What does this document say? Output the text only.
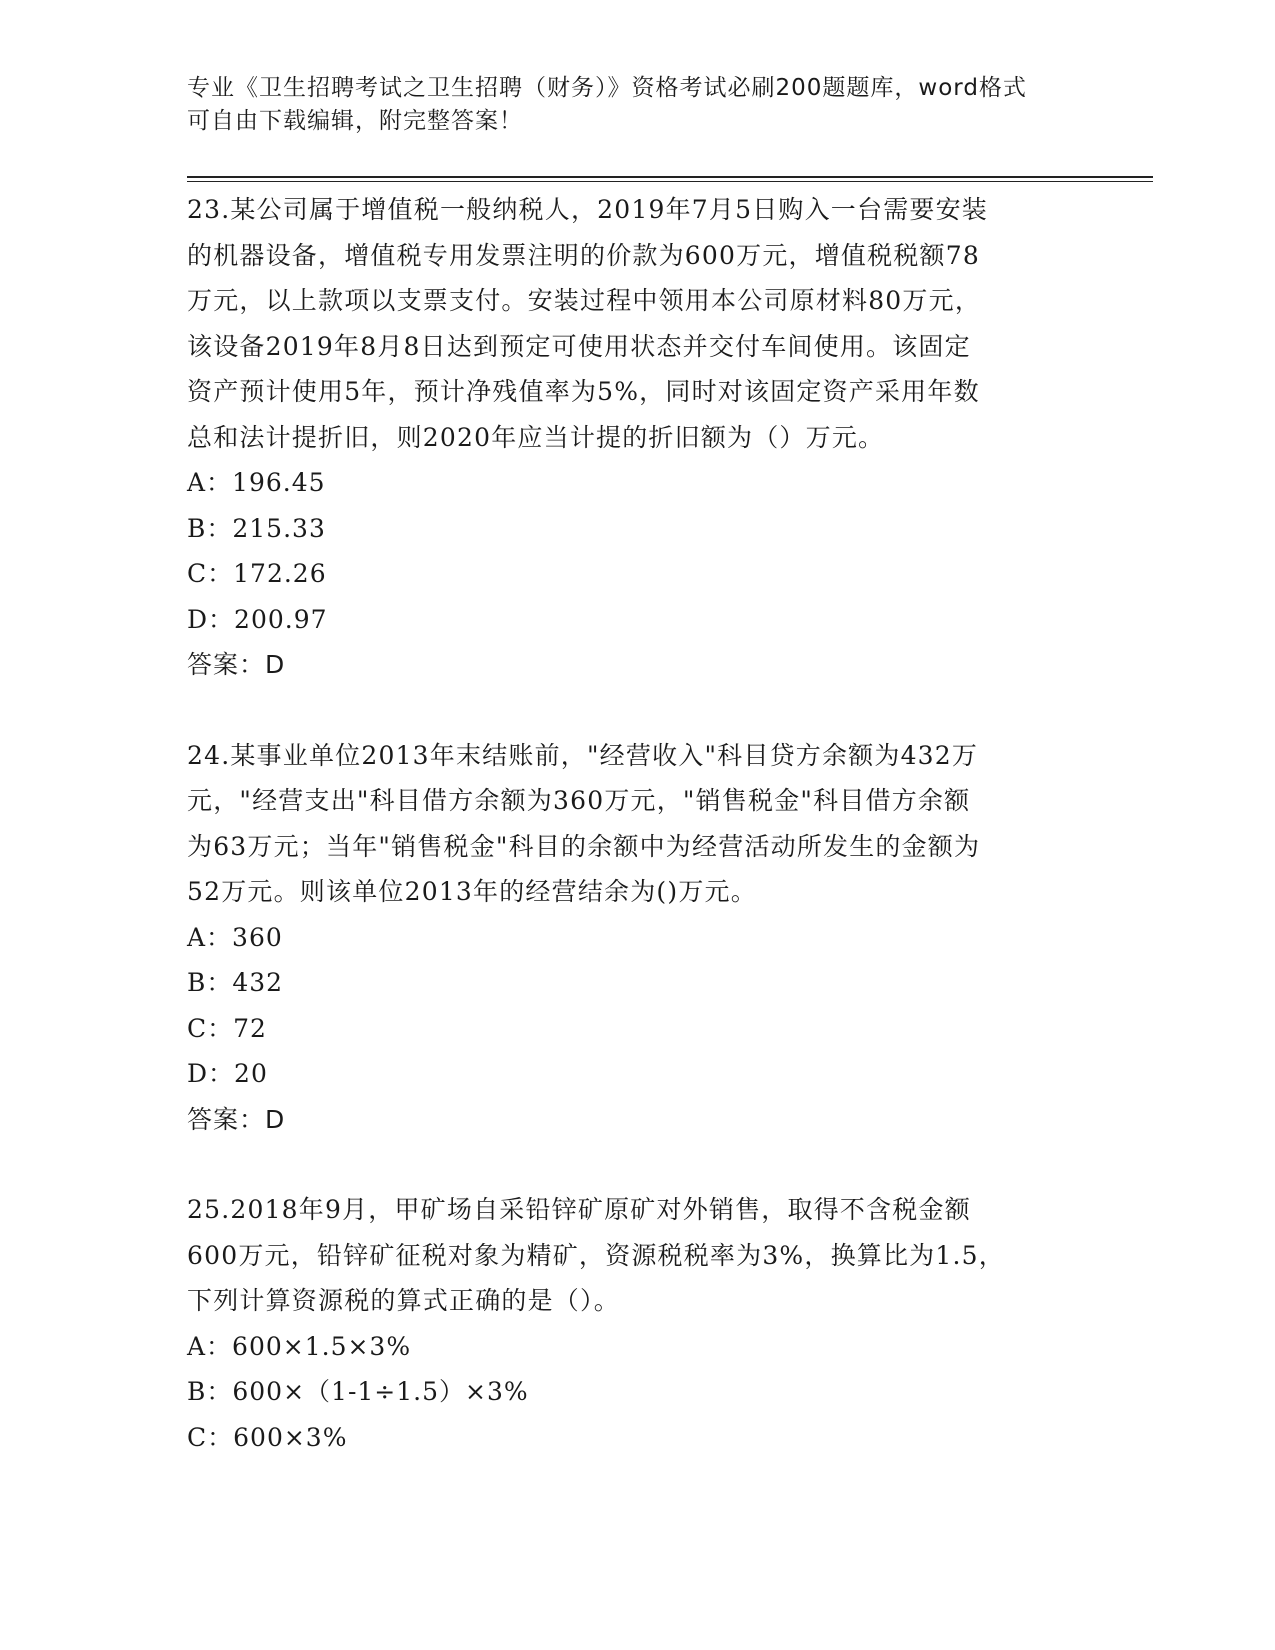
专业《卫生招聘考试之卫生招聘（财务）》资格考试必刷200题题库，word格式
可自由下载编辑，附完整答案！

23.某公司属于增值税一般纳税人，2019年7月5日购入一台需要安装

的机器设备，增值税专用发票注明的价款为600万元，增值税税额78

万元，以上款项以支票支付。安装过程中领用本公司原材料80万元，

该设备2019年8月8日达到预定可使用状态并交付车间使用。该固定

资产预计使用5年，预计净残值率为5%，同时对该固定资产采用年数

总和法计提折旧，则2020年应当计提的折旧额为（）万元。

A：196.45

B：215.33

C：172.26

D：200.97

答案：D

24.某事业单位2013年末结账前，"经营收入"科目贷方余额为432万

元，"经营支出"科目借方余额为360万元，"销售税金"科目借方余额

为63万元；当年"销售税金"科目的余额中为经营活动所发生的金额为

52万元。则该单位2013年的经营结余为()万元。

A：360

B：432

C：72

D：20

答案：D

25.2018年9月，甲矿场自采铅锌矿原矿对外销售，取得不含税金额

600万元，铅锌矿征税对象为精矿，资源税税率为3%，换算比为1.5，

下列计算资源税的算式正确的是（）。

A：600×1.5×3%

B：600×（1-1÷1.5）×3%

C：600×3%
